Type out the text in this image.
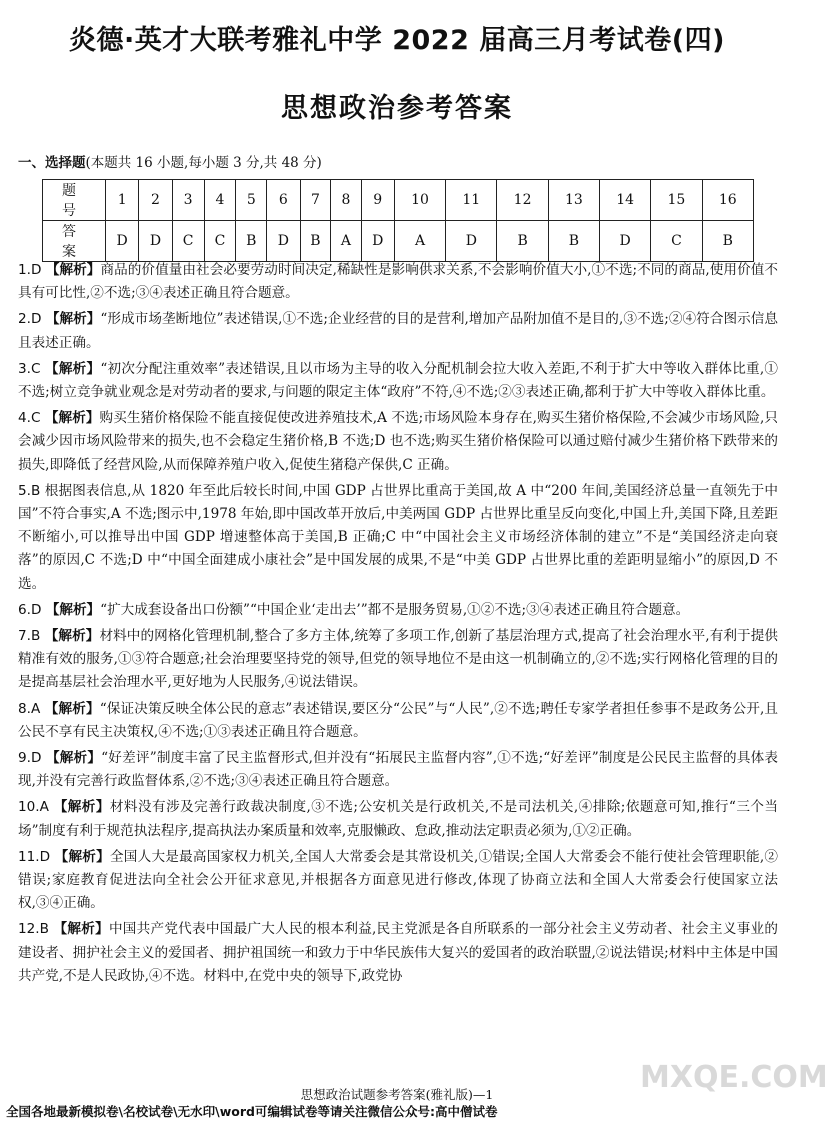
炎德·英才大联考雅礼中学 2022 届高三月考试卷(四)
思想政治参考答案
一、选择题(本题共 16 小题,每小题 3 分,共 48 分)
题 号	1	2	3	4	5	6	7	8	9	10	11	12	13	14	15	16
答 案	D	D	C	C	B	D	B	A	D	A	D	B	B	D	C	B
1.D 【解析】商品的价值量由社会必要劳动时间决定,稀缺性是影响供求关系,不会影响价值大小,①不选;不同的商品,使用价值不具有可比性,②不选;③④表述正确且符合题意。
2.D 【解析】“形成市场垄断地位”表述错误,①不选;企业经营的目的是营利,增加产品附加值不是目的,③不选;②④符合图示信息且表述正确。
3.C 【解析】“初次分配注重效率”表述错误,且以市场为主导的收入分配机制会拉大收入差距,不利于扩大中等收入群体比重,①不选;树立竞争就业观念是对劳动者的要求,与问题的限定主体“政府”不符,④不选;②③表述正确,都利于扩大中等收入群体比重。
4.C 【解析】购买生猪价格保险不能直接促使改进养殖技术,A 不选;市场风险本身存在,购买生猪价格保险,不会减少市场风险,只会减少因市场风险带来的损失,也不会稳定生猪价格,B 不选;D 也不选;购买生猪价格保险可以通过赔付减少生猪价格下跌带来的损失,即降低了经营风险,从而保障养殖户收入,促使生猪稳产保供,C 正确。
5.B 根据图表信息,从 1820 年至此后较长时间,中国 GDP 占世界比重高于美国,故 A 中“200 年间,美国经济总量一直领先于中国”不符合事实,A 不选;图示中,1978 年始,即中国改革开放后,中美两国 GDP 占世界比重呈反向变化,中国上升,美国下降,且差距不断缩小,可以推导出中国 GDP 增速整体高于美国,B 正确;C 中“中国社会主义市场经济体制的建立”不是“美国经济走向衰落”的原因,C 不选;D 中“中国全面建成小康社会”是中国发展的成果,不是“中美 GDP 占世界比重的差距明显缩小”的原因,D 不选。
6.D 【解析】“扩大成套设备出口份额”“中国企业‘走出去’”都不是服务贸易,①②不选;③④表述正确且符合题意。
7.B 【解析】材料中的网格化管理机制,整合了多方主体,统筹了多项工作,创新了基层治理方式,提高了社会治理水平,有利于提供精准有效的服务,①③符合题意;社会治理要坚持党的领导,但党的领导地位不是由这一机制确立的,②不选;实行网格化管理的目的是提高基层社会治理水平,更好地为人民服务,④说法错误。
8.A 【解析】“保证决策反映全体公民的意志”表述错误,要区分“公民”与“人民”,②不选;聘任专家学者担任参事不是政务公开,且公民不享有民主决策权,④不选;①③表述正确且符合题意。
9.D 【解析】“好差评”制度丰富了民主监督形式,但并没有“拓展民主监督内容”,①不选;“好差评”制度是公民民主监督的具体表现,并没有完善行政监督体系,②不选;③④表述正确且符合题意。
10.A 【解析】材料没有涉及完善行政裁决制度,③不选;公安机关是行政机关,不是司法机关,④排除;依题意可知,推行“三个当场”制度有利于规范执法程序,提高执法办案质量和效率,克服懒政、怠政,推动法定职责必须为,①②正确。
11.D 【解析】全国人大是最高国家权力机关,全国人大常委会是其常设机关,①错误;全国人大常委会不能行使社会管理职能,②错误;家庭教育促进法向全社会公开征求意见,并根据各方面意见进行修改,体现了协商立法和全国人大常委会行使国家立法权,③④正确。
12.B 【解析】中国共产党代表中国最广大人民的根本利益,民主党派是各自所联系的一部分社会主义劳动者、社会主义事业的建设者、拥护社会主义的爱国者、拥护祖国统一和致力于中华民族伟大复兴的爱国者的政治联盟,②说法错误;材料中主体是中国共产党,不是人民政协,④不选。材料中,在党中央的领导下,政党协
思想政治试题参考答案(雅礼版)—1
全国各地最新模拟卷\名校试卷\无水印\word可编辑试卷等请关注微信公众号:高中僧试卷
MXQE.COM
